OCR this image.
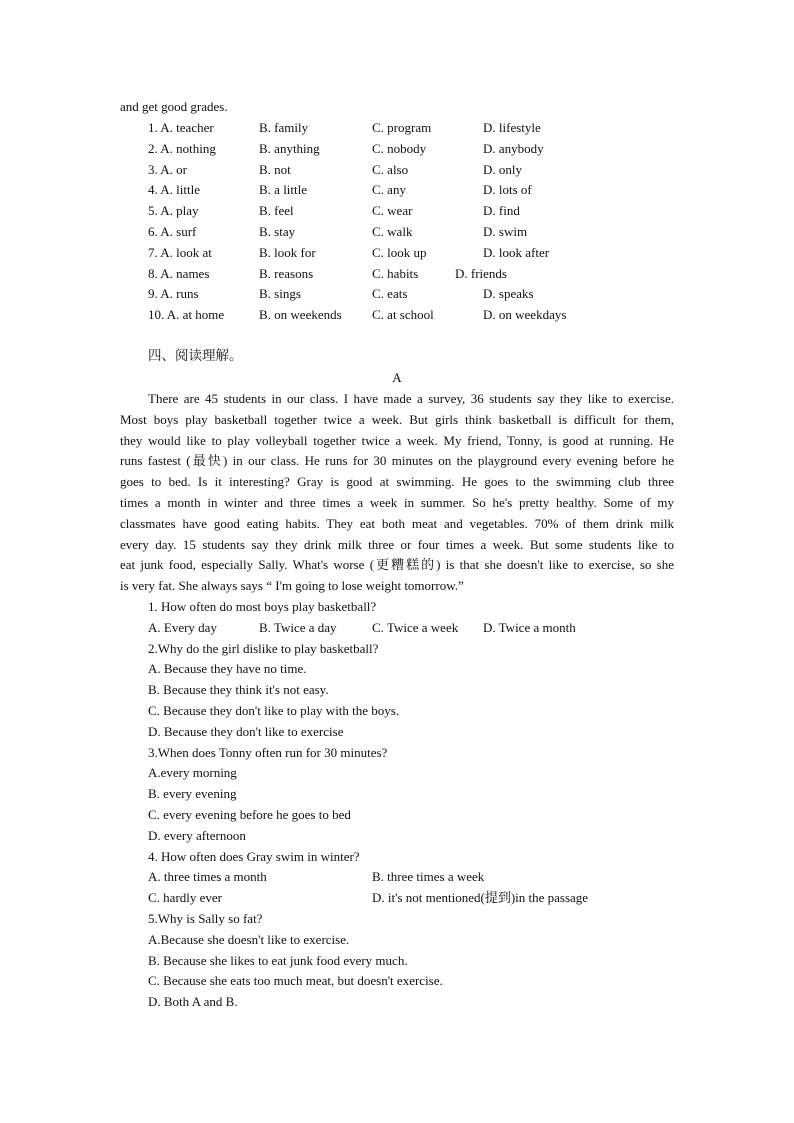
and get good grades.
1. A. teacher	B. family	C. program	D. lifestyle
2. A. nothing	B. anything	C. nobody	D. anybody
3. A. or	B. not	C. also	D. only
4. A. little	B. a little	C. any	D. lots of
5. A. play	B. feel	C. wear	D. find
6. A. surf	B. stay	C. walk	D. swim
7. A. look at	B. look for	C. look up	D. look after
8. A. names	B. reasons	C. habits	D. friends
9. A. runs	B. sings	C. eats	D. speaks
10. A. at home	B. on weekends C. at school	D. on weekdays
四、阅读理解。
A
There are 45 students in our class. I have made a survey, 36 students say they like to exercise.
Most boys play basketball together twice a week. But girls think basketball is difficult for them,
they would like to play volleyball together twice a week. My friend, Tonny, is good at running. He
runs fastest (最快) in our class. He runs for 30 minutes on the playground every evening before he
goes to bed. Is it interesting? Gray is good at swimming. He goes to the swimming club three
times a month in winter and three times a week in summer. So he's pretty healthy. Some of my
classmates have good eating habits. They eat both meat and vegetables. 70% of them drink milk
every day. 15 students say they drink milk three or four times a week. But some students like to
eat junk food, especially Sally. What's worse (更糟糕的) is that she doesn't like to exercise, so she
is very fat. She always says “ I'm going to lose weight tomorrow.”
1. How often do most boys play basketball?
A. Every day	B. Twice a day	C. Twice a week D. Twice a month
2.Why do the girl dislike to play basketball?
A. Because they have no time.
B. Because they think it's not easy.
C. Because they don't like to play with the boys.
D. Because they don't like to exercise
3.When does Tonny often run for 30 minutes?
A.every morning
B. every evening
C. every evening before he goes to bed
D. every afternoon
4. How often does Gray swim in winter?
A. three times a month	B. three times a week
C. hardly ever	D. it's not mentioned(提到)in the passage
5.Why is Sally so fat?
A.Because she doesn't like to exercise.
B. Because she likes to eat junk food every much.
C. Because she eats too much meat, but doesn't exercise.
D. Both A and B.
